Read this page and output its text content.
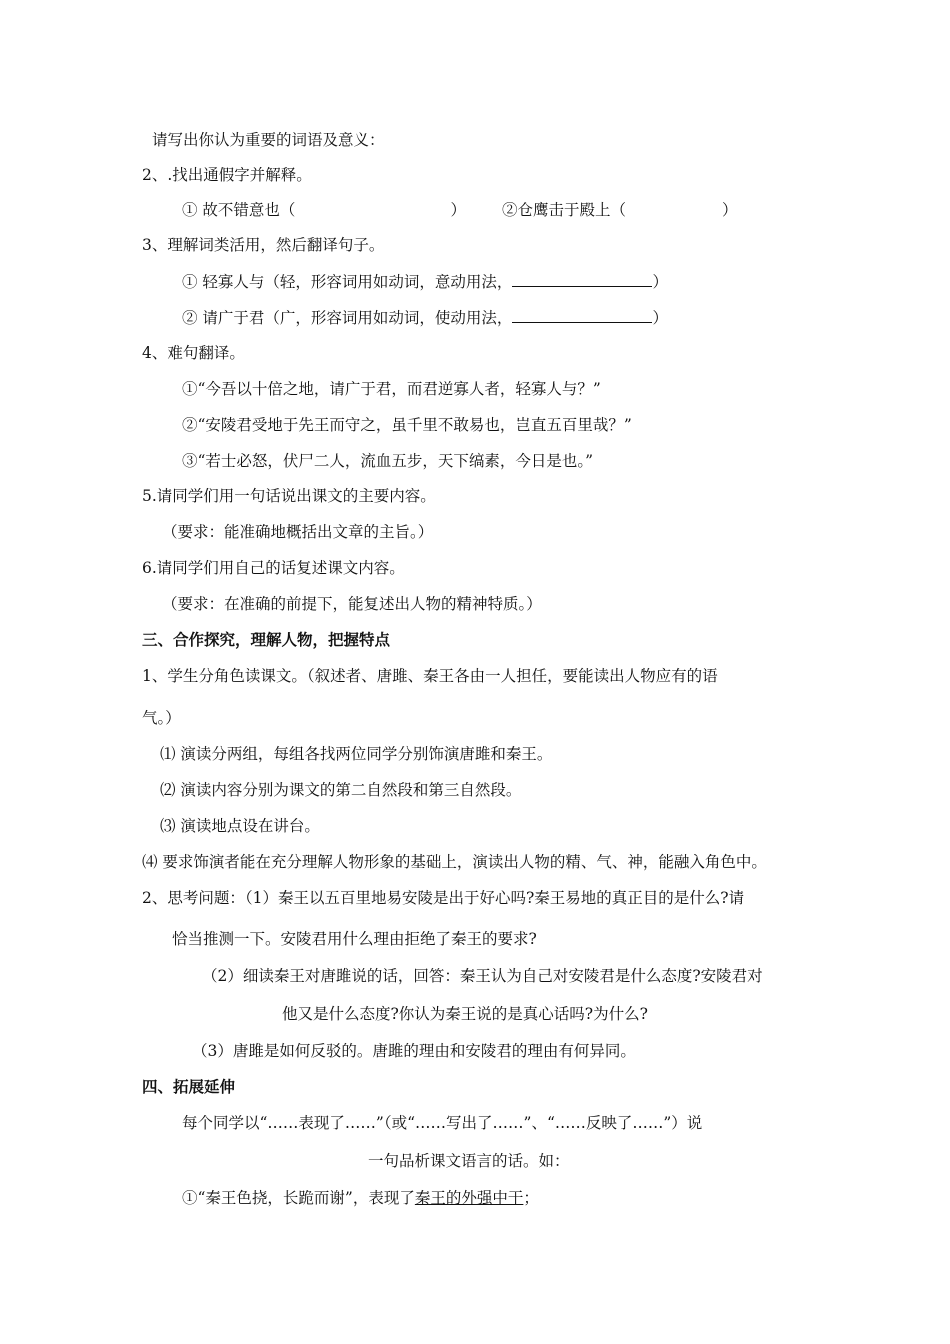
请写出你认为重要的词语及意义：
2、.找出通假字并解释。
① 故不错意也（	） ②仓鹰击于殿上（	）
3、理解词类活用，然后翻译句子。
① 轻寡人与（轻，形容词用如动词，意动用法，	）
② 请广于君（广，形容词用如动词，使动用法，	）
4、难句翻译。
①“今吾以十倍之地，请广于君，而君逆寡人者，轻寡人与？”
②“安陵君受地于先王而守之，虽千里不敢易也，岂直五百里哉？”
③“若士必怒，伏尸二人，流血五步，天下缟素，今日是也。”
5.请同学们用一句话说出课文的主要内容。
（要求：能准确地概括出文章的主旨。）
6.请同学们用自己的话复述课文内容。
（要求：在准确的前提下，能复述出人物的精神特质。）
三、合作探究，理解人物，把握特点
1、学生分角色读课文。（叙述者、唐雎、秦王各由一人担任，要能读出人物应有的语
气。）
⑴ 演读分两组，每组各找两位同学分别饰演唐雎和秦王。
⑵ 演读内容分别为课文的第二自然段和第三自然段。
⑶ 演读地点设在讲台。
⑷ 要求饰演者能在充分理解人物形象的基础上，演读出人物的精、气、神，能融入角色中。
2、思考问题：（1）秦王以五百里地易安陵是出于好心吗?秦王易地的真正目的是什么?请
恰当推测一下。安陵君用什么理由拒绝了秦王的要求?
（2）细读秦王对唐雎说的话，回答：秦王认为自己对安陵君是什么态度?安陵君对
他又是什么态度?你认为秦王说的是真心话吗?为什么?
（3）唐雎是如何反驳的。唐雎的理由和安陵君的理由有何异同。
四、拓展延伸
每个同学以“……表现了……”（或“……写出了……”、“……反映了……”）说
一句品析课文语言的话。如：
①“秦王色挠，长跪而谢”，表现了秦王的外强中干；
